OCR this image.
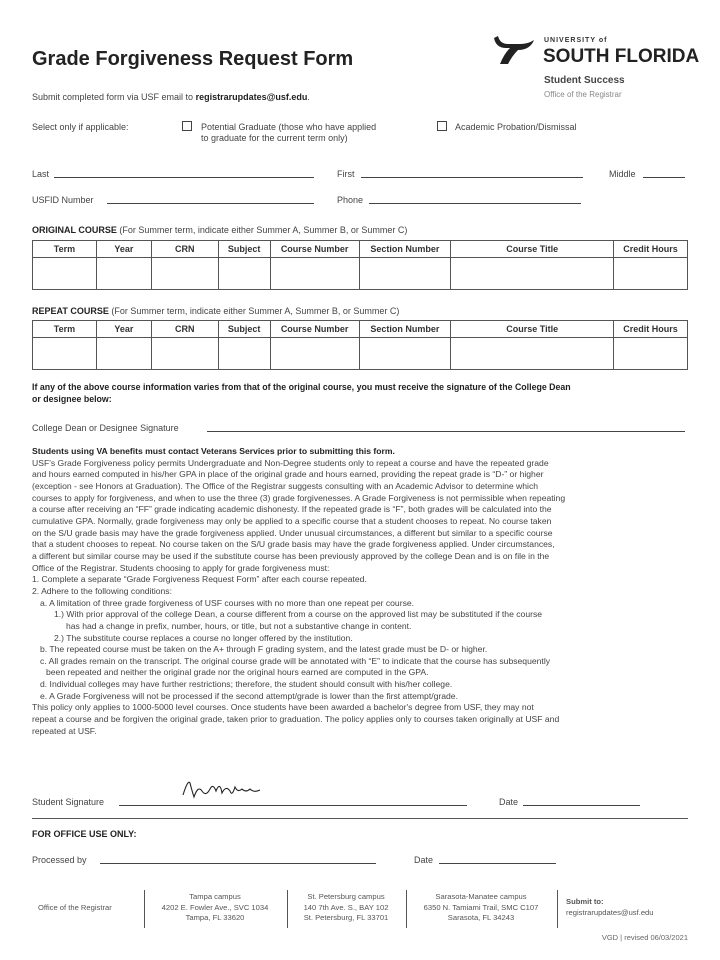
Grade Forgiveness Request Form
Submit completed form via USF email to registrarupdates@usf.edu.
UNIVERSITY of
SOUTH FLORIDA
Student Success
Office of the Registrar
Select only if applicable:	Potential Graduate (those who have applied
to graduate for the current term only)
Academic Probation/Dismissal
Last	First	Middle
USFID Number	Phone
ORIGINAL COURSE (For Summer term, indicate either Summer A, Summer B, or Summer C)
Term	Year	CRN	Subject	Course Number	Section Number	Course Title	Credit Hours

REPEAT COURSE (For Summer term, indicate either Summer A, Summer B, or Summer C)
Term	Year	CRN	Subject	Course Number	Section Number	Course Title	Credit Hours

If any of the above course information varies from that of the original course, you must receive the signature of the College Dean
or designee below:
College Dean or Designee Signature
Students using VA benefits must contact Veterans Services prior to submitting this form.
USF's Grade Forgiveness policy permits Undergraduate and Non-Degree students only to repeat a course and have the repeated grade
and hours earned computed in his/her GPA in place of the original grade and hours earned, providing the repeat grade is “D-” or higher
(exception - see Honors at Graduation). The Office of the Registrar suggests consulting with an Academic Advisor to determine which
courses to apply for forgiveness, and when to use the three (3) grade forgivenesses. A Grade Forgiveness is not permissible when repeating
a course after receiving an “FF” grade indicating academic dishonesty. If the repeated grade is “F”, both grades will be calculated into the
cumulative GPA. Normally, grade forgiveness may only be applied to a specific course that a student chooses to repeat. No course taken
on the S/U grade basis may have the grade forgiveness applied. Under unusual circumstances, a different but similar to a specific course
that a student chooses to repeat. No course taken on the S/U grade basis may have the grade forgiveness applied. Under circumstances,
a different but similar course may be used if the substitute course has been previously approved by the college Dean and is on file in the
Office of the Registrar. Students choosing to apply for grade forgiveness must:
1. Complete a separate “Grade Forgiveness Request Form” after each course repeated.
2. Adhere to the following conditions:
a. A limitation of three grade forgiveness of USF courses with no more than one repeat per course.
1.) With prior approval of the college Dean, a course different from a course on the approved list may be substituted if the course
has had a change in prefix, number, hours, or title, but not a substantive change in content.
2.) The substitute course replaces a course no longer offered by the institution.
b. The repeated course must be taken on the A+ through F grading system, and the latest grade must be D- or higher.
c. All grades remain on the transcript. The original course grade will be annotated with “E” to indicate that the course has subsequently
been repeated and neither the original grade nor the original hours earned are computed in the GPA.
d. Individual colleges may have further restrictions; therefore, the student should consult with his/her college.
e. A Grade Forgiveness will not be processed if the second attempt/grade is lower than the first attempt/grade.
This policy only applies to 1000-5000 level courses. Once students have been awarded a bachelor's degree from USF, they may not
repeat a course and be forgiven the original grade, taken prior to graduation. The policy applies only to courses taken originally at USF and
repeated at USF.
Student Signature	Date
FOR OFFICE USE ONLY:
Processed by	Date
Office of the Registrar
Tampa campus
4202 E. Fowler Ave., SVC 1034
Tampa, FL 33620
St. Petersburg campus
140 7th Ave. S., BAY 102
St. Petersburg, FL 33701
Sarasota-Manatee campus
6350 N. Tamiami Trail, SMC C107
Sarasota, FL 34243
Submit to:
registrarupdates@usf.edu
VGD | revised 06/03/2021
